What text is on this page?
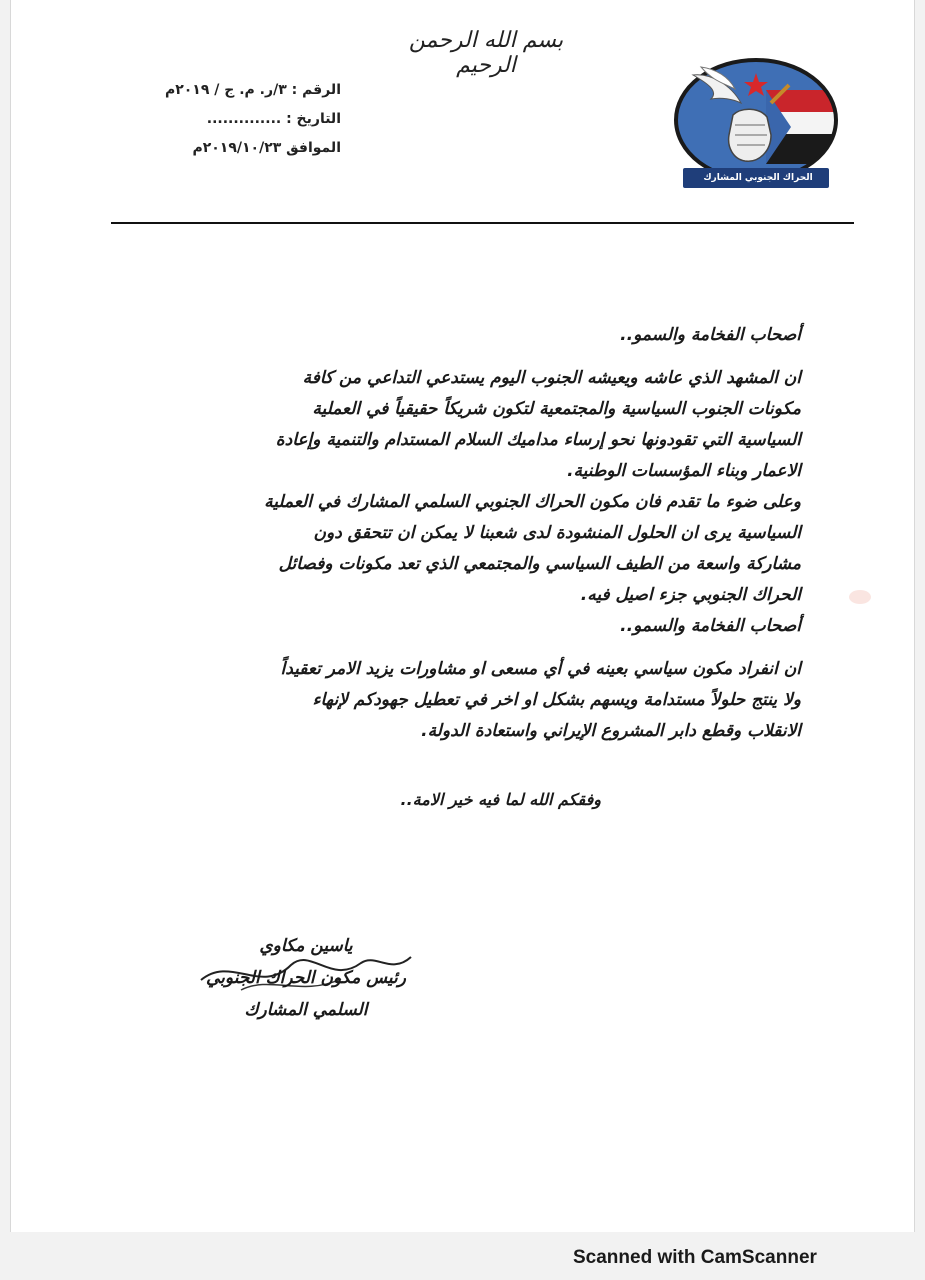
بسم الله الرحمن الرحيم
الرقم : ٣/ر. م. ج / ٢٠١٩م
التاريخ : ..............
الموافق ٢٠١٩/١٠/٢٣م
الحراك الجنوبي المشارك
أصحاب الفخامة والسمو..
ان المشهد الذي عاشه ويعيشه الجنوب اليوم يستدعي التداعي من كافة
مكونات الجنوب السياسية والمجتمعية لتكون شريكاً حقيقياً في العملية
السياسية التي تقودونها نحو إرساء مداميك السلام المستدام والتنمية وإعادة
الاعمار وبناء المؤسسات الوطنية.
وعلى ضوء ما تقدم فان مكون الحراك الجنوبي السلمي المشارك في العملية
السياسية يرى ان الحلول المنشودة لدى شعبنا لا يمكن ان تتحقق دون
مشاركة واسعة من الطيف السياسي والمجتمعي الذي تعد مكونات وفصائل
الحراك الجنوبي جزء اصيل فيه.
أصحاب الفخامة والسمو..
ان انفراد مكون سياسي بعينه في أي مسعى او مشاورات يزيد الامر تعقيداً
ولا ينتج حلولاً مستدامة ويسهم بشكل او اخر في تعطيل جهودكم لإنهاء
الانقلاب وقطع دابر المشروع الإيراني واستعادة الدولة.
وفقكم الله لما فيه خير الامة..
ياسين مكاوي
رئيس مكون الحراك الجنوبي
السلمي المشارك
Scanned with CamScanner
